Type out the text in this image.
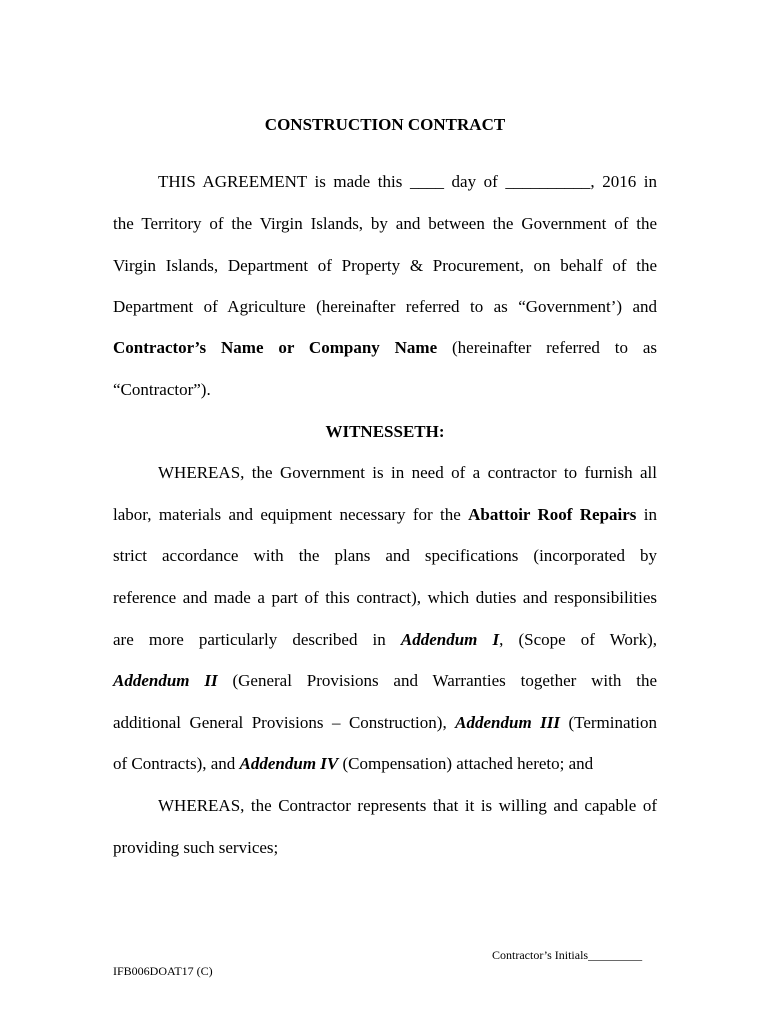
CONSTRUCTION CONTRACT
THIS AGREEMENT is made this ____ day of __________, 2016 in
the Territory of the Virgin Islands, by and between the Government of the
Virgin Islands, Department of Property & Procurement, on behalf of the
Department of Agriculture (hereinafter referred to as “Government’) and
Contractor’s Name or Company Name (hereinafter referred to as
“Contractor”).
WITNESSETH:
WHEREAS, the Government is in need of a contractor to furnish all
labor, materials and equipment necessary for the Abattoir Roof Repairs in
strict accordance with the plans and specifications (incorporated by
reference and made a part of this contract), which duties and responsibilities
are more particularly described in Addendum I, (Scope of Work),
Addendum II (General Provisions and Warranties together with the
additional General Provisions – Construction), Addendum III (Termination
of Contracts), and Addendum IV (Compensation) attached hereto; and
WHEREAS, the Contractor represents that it is willing and capable of
providing such services;
Contractor’s Initials_________
IFB006DOAT17 (C)
